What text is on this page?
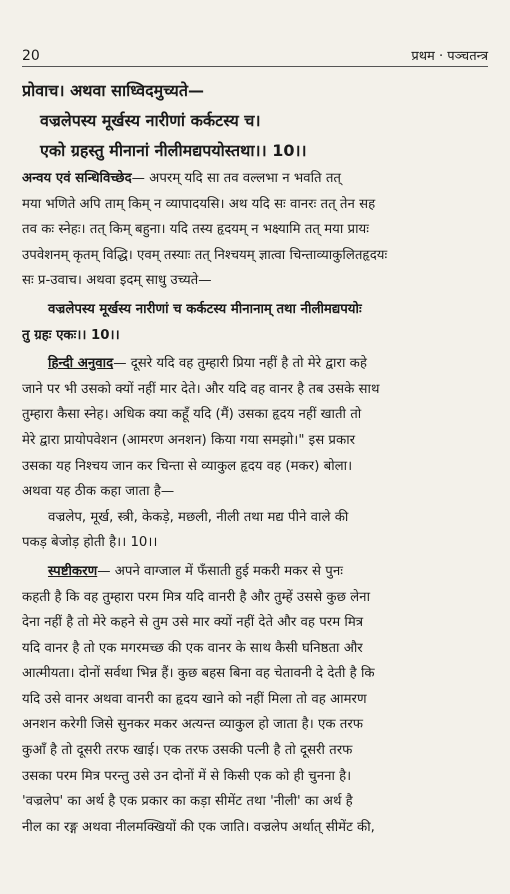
20	प्रथम · पञ्चतन्त्र
प्रोवाच। अथवा साध्विदमुच्यते—
वज्रलेपस्य मूर्खस्य नारीणां कर्कटस्य च।
एको ग्रहस्तु मीनानां नीलीमद्यपयोस्तथा।। 10।।
अन्वय एवं सन्धिविच्छेद— अपरम् यदि सा तव वल्लभा न भवति तत्
मया भणिते अपि ताम् किम् न व्यापादयसि। अथ यदि सः वानरः तत् तेन सह
तव कः स्नेहः। तत् किम् बहुना। यदि तस्य हृदयम् न भक्ष्यामि तत् मया प्रायः
उपवेशनम् कृतम् विद्धि। एवम् तस्याः तत् निश्चयम् ज्ञात्वा चिन्ताव्याकुलितहृदयः
सः प्र-उवाच। अथवा इदम् साधु उच्यते—
वज्रलेपस्य मूर्खस्य नारीणां च कर्कटस्य मीनानाम् तथा नीलीमद्यपयोः
तु ग्रहः एकः।। 10।।
हिन्दी अनुवाद— दूसरे यदि वह तुम्हारी प्रिया नहीं है तो मेरे द्वारा कहे
जाने पर भी उसको क्यों नहीं मार देते। और यदि वह वानर है तब उसके साथ
तुम्हारा कैसा स्नेह। अधिक क्या कहूँ यदि (मैं) उसका हृदय नहीं खाती तो
मेरे द्वारा प्रायोपवेशन (आमरण अनशन) किया गया समझो।" इस प्रकार
उसका यह निश्चय जान कर चिन्ता से व्याकुल हृदय वह (मकर) बोला।
अथवा यह ठीक कहा जाता है—
वज्रलेप, मूर्ख, स्त्री, केकड़े, मछली, नीली तथा मद्य पीने वाले की
पकड़ बेजोड़ होती है।। 10।।
स्पष्टीकरण— अपने वाग्जाल में फँसाती हुई मकरी मकर से पुनः
कहती है कि वह तुम्हारा परम मित्र यदि वानरी है और तुम्हें उससे कुछ लेना
देना नहीं है तो मेरे कहने से तुम उसे मार क्यों नहीं देते और वह परम मित्र
यदि वानर है तो एक मगरमच्छ की एक वानर के साथ कैसी घनिष्ठता और
आत्मीयता। दोनों सर्वथा भिन्न हैं। कुछ बहस बिना वह चेतावनी दे देती है कि
यदि उसे वानर अथवा वानरी का हृदय खाने को नहीं मिला तो वह आमरण
अनशन करेगी जिसे सुनकर मकर अत्यन्त व्याकुल हो जाता है। एक तरफ
कुआँ है तो दूसरी तरफ खाई। एक तरफ उसकी पत्नी है तो दूसरी तरफ
उसका परम मित्र परन्तु उसे उन दोनों में से किसी एक को ही चुनना है।
'वज्रलेप' का अर्थ है एक प्रकार का कड़ा सीमेंट तथा 'नीली' का अर्थ है
नील का रङ्ग अथवा नीलमक्खियों की एक जाति। वज्रलेप अर्थात् सीमेंट की,
